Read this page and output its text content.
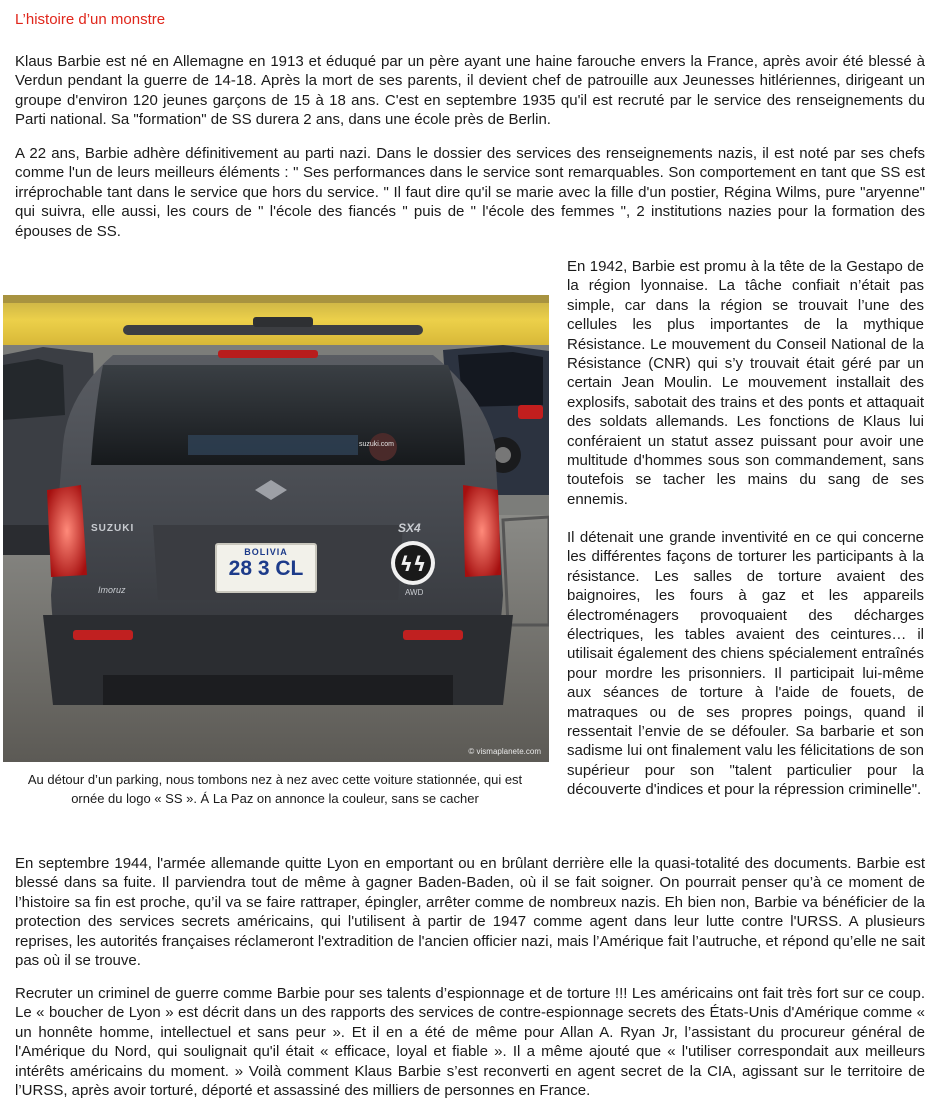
L’histoire d’un monstre

Klaus Barbie est né en Allemagne en 1913 et éduqué par un père ayant une haine farouche envers la France, après avoir été blessé à Verdun pendant la guerre de 14-18. Après la mort de ses parents, il devient chef de patrouille aux Jeunesses hitlériennes, dirigeant un groupe d'environ 120 jeunes garçons de 15 à 18 ans. C'est en septembre 1935 qu'il est recruté par le service des renseignements du Parti national. Sa "formation" de SS durera 2 ans, dans une école près de Berlin.

A 22 ans, Barbie adhère définitivement au parti nazi. Dans le dossier des services des renseignements nazis, il est noté par ses chefs comme l'un de leurs meilleurs éléments : " Ses performances dans le service sont remarquables. Son comportement en tant que SS est irréprochable tant dans le service que hors du service. " Il faut dire qu'il se marie avec la fille d'un postier, Régina Wilms, pure "aryenne" qui suivra, elle aussi, les cours de " l'école des fiancés " puis de " l'école des femmes ", 2 institutions nazies pour la formation des épouses de SS.

En 1942, Barbie est promu à la tête de la Gestapo de la région lyonnaise. La tâche confiait n’était pas simple, car dans la région se trouvait l’une des cellules les plus importantes de la mythique Résistance. Le mouvement du Conseil National de la Résistance (CNR) qui s’y trouvait était géré par un certain Jean Moulin. Le mouvement installait des explosifs, sabotait des trains et des ponts et attaquait des soldats allemands. Les fonctions de Klaus lui conféraient un statut assez puissant pour avoir une multitude d'hommes sous son commandement, sans toutefois se tacher les mains du sang de ses ennemis.

Il détenait une grande inventivité en ce qui concerne les différentes façons de torturer les participants à la résistance. Les salles de torture avaient des baignoires, les fours à gaz et les appareils électroménagers provoquaient des décharges électriques, les tables avaient des ceintures… il utilisait également des chiens spécialement entraînés pour mordre les prisonniers. Il participait lui-même aux séances de torture à l'aide de fouets, de matraques ou de ses propres poings, quand il ressentait l’envie de se défouler. Sa barbarie et son sadisme lui ont finalement valu les félicitations de son supérieur pour son "talent particulier pour la découverte d'indices et pour la répression criminelle".

ϟϟ
SUZUKI	SX4
Imoruz	AWD
suzuki.com
BOLIVIA
28 3 CL
© vismaplanete.com

Au détour d’un parking, nous tombons nez à nez avec cette voiture stationnée, qui est ornée du logo « SS ». Á La Paz on annonce la couleur, sans se cacher

En septembre 1944, l'armée allemande quitte Lyon en emportant ou en brûlant derrière elle la quasi-totalité des documents. Barbie est blessé dans sa fuite. Il parviendra tout de même à gagner Baden-Baden, où il se fait soigner. On pourrait penser qu’à ce moment de l’histoire sa fin est proche, qu’il va se faire rattraper, épingler, arrêter comme de nombreux nazis. Eh bien non, Barbie va bénéficier de la protection des services secrets américains, qui l'utilisent à partir de 1947 comme agent dans leur lutte contre l'URSS. A plusieurs reprises, les autorités françaises réclameront l'extradition de l'ancien officier nazi, mais l’Amérique fait l’autruche, et répond qu’elle ne sait pas où il se trouve.

Recruter un criminel de guerre comme Barbie pour ses talents d’espionnage et de torture !!! Les américains ont fait très fort sur ce coup. Le « boucher de Lyon » est décrit dans un des rapports des services de contre-espionnage secrets des États-Unis d'Amérique comme « un honnête homme, intellectuel et sans peur ». Et il en a été de même pour Allan A. Ryan Jr, l’assistant du procureur général de l'Amérique du Nord, qui soulignait qu'il était « efficace, loyal et fiable ». Il a même ajouté que « l'utiliser correspondait aux meilleurs intérêts américains du moment. » Voilà comment Klaus Barbie s’est reconverti en agent secret de la CIA, agissant sur le territoire de l’URSS, après avoir torturé, déporté et assassiné des milliers de personnes en France.
